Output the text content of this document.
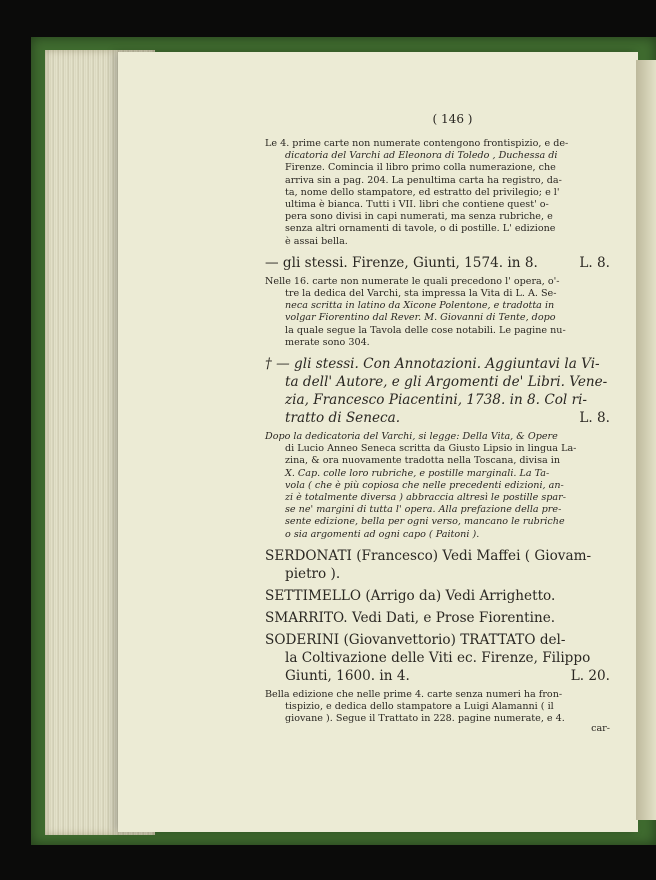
( 146 )
Le 4. prime carte non numerate contengono frontispizio, e de-
dicatoria del Varchi ad Eleonora di Toledo , Duchessa di
Firenze. Comincia il libro primo colla numerazione, che
arriva sin a pag. 204. La penultima carta ha registro, da-
ta, nome dello stampatore, ed estratto del privilegio; e l'
ultima è bianca. Tutti i VII. libri che contiene quest' o-
pera sono divisi in capi numerati, ma senza rubriche, e
senza altri ornamenti di tavole, o di postille. L' edizione
è assai bella.
— gli stessi. Firenze, Giunti, 1574. in 8.	L. 8.
Nelle 16. carte non numerate le quali precedono l' opera, o'-
tre la dedica del Varchi, sta impressa la Vita di L. A. Se-
neca scritta in latino da Xicone Polentone, e tradotta in
volgar Fiorentino dal Rever. M. Giovanni di Tente, dopo
la quale segue la Tavola delle cose notabili. Le pagine nu-
merate sono 304.
† — gli stessi. Con Annotazioni. Aggiuntavi la Vi-
ta dell' Autore, e gli Argomenti de' Libri. Vene-
zia, Francesco Piacentini, 1738. in 8. Col ri-
tratto di Seneca.	L. 8.
Dopo la dedicatoria del Varchi, si legge: Della Vita, & Opere
di Lucio Anneo Seneca scritta da Giusto Lipsio in lingua La-
zina, & ora nuovamente tradotta nella Toscana, divisa in
X. Cap. colle loro rubriche, e postille marginali. La Ta-
vola ( che è più copiosa che nelle precedenti edizioni, an-
zi è totalmente diversa ) abbraccia altresì le postille spar-
se ne' margini di tutta l' opera. Alla prefazione della pre-
sente edizione, bella per ogni verso, mancano le rubriche
o sia argomenti ad ogni capo ( Paitoni ).
SERDONATI (Francesco) Vedi Maffei ( Giovam-
pietro ).
SETTIMELLO (Arrigo da) Vedi Arrighetto.
SMARRITO. Vedi Dati, e Prose Fiorentine.
SODERINI (Giovanvettorio) TRATTATO del-
la Coltivazione delle Viti ec. Firenze, Filippo
Giunti, 1600. in 4.	L. 20.
Bella edizione che nelle prime 4. carte senza numeri ha fron-
tispizio, e dedica dello stampatore a Luigi Alamanni ( il
giovane ). Segue il Trattato in 228. pagine numerate, e 4.
car-
